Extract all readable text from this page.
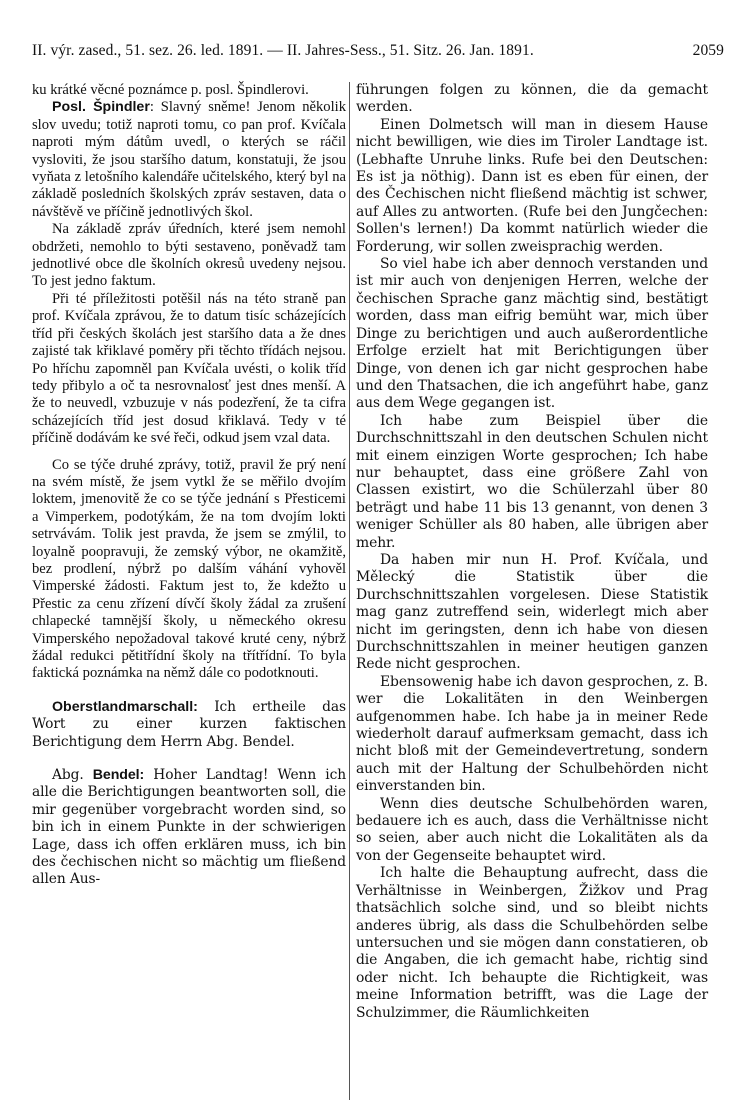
II. výr. zased., 51. sez. 26. led. 1891. — II. Jahres-Sess., 51. Sitz. 26. Jan. 1891.	2059

ku krátké věcné poznámce p. posl. Špindlerovi.

Posl. Špindler: Slavný sněme! Jenom několik slov uvedu; totiž naproti tomu, co pan prof. Kvíčala naproti mým dátům uvedl, o kterých se ráčil vysloviti, že jsou staršího datum, konstatuji, že jsou vyňata z letošního kalendáře učitelského, který byl na základě posledních školských zpráv sestaven, data o návštěvě ve příčině jednotlivých škol.

Na základě zpráv úředních, které jsem nemohl obdržeti, nemohlo to býti sestaveno, poněvadž tam jednotlivé obce dle školních okresů uvedeny nejsou. To jest jedno faktum.

Při té příležitosti potěšil nás na této straně pan prof. Kvíčala zprávou, že to datum tisíc scházejících tříd při českých školách jest staršího data a že dnes zajisté tak křiklavé poměry při těchto třídách nejsou. Po hříchu zapomněl pan Kvíčala uvésti, o kolik tříd tedy přibylo a oč ta nesrovnalosť jest dnes menší. A že to neuvedl, vzbuzuje v nás podezření, že ta cifra scházejících tříd jest dosud křiklavá. Tedy v té příčině dodávám ke své řeči, odkud jsem vzal data.

Co se týče druhé zprávy, totiž, pravil že prý není na svém místě, že jsem vytkl že se měřilo dvojím loktem, jmenovitě že co se týče jednání s Přesticemi a Vimperkem, podotýkám, že na tom dvojím lokti setrvávám. Tolik jest pravda, že jsem se zmýlil, to loyalně poopravuji, že zemský výbor, ne okamžitě, bez prodlení, nýbrž po dalším váhání vyhověl Vimperské žádosti. Faktum jest to, že kdežto u Přestic za cenu zřízení dívčí školy žádal za zrušení chlapecké tamnější školy, u německého okresu Vimperského nepožadoval takové kruté ceny, nýbrž žádal redukci pětitřídní školy na třítřídní. To byla faktická poznámka na němž dále co podotknouti.

Oberstlandmarschall: Ich ertheile das Wort zu einer kurzen faktischen Berichtigung dem Herrn Abg. Bendel.

Abg. Bendel: Hoher Landtag! Wenn ich alle die Berichtigungen beantworten soll, die mir gegenüber vorgebracht worden sind, so bin ich in einem Punkte in der schwierigen Lage, dass ich offen erklären muss, ich bin des čechischen nicht so mächtig um fließend allen Aus-

führungen folgen zu können, die da gemacht werden.

Einen Dolmetsch will man in diesem Hause nicht bewilligen, wie dies im Tiroler Landtage ist. (Lebhafte Unruhe links. Rufe bei den Deutschen: Es ist ja nöthig). Dann ist es eben für einen, der des Čechischen nicht fließend mächtig ist schwer, auf Alles zu antworten. (Rufe bei den Jungčechen: Sollen's lernen!) Da kommt natürlich wieder die Forderung, wir sollen zweisprachig werden.

So viel habe ich aber dennoch verstanden und ist mir auch von denjenigen Herren, welche der čechischen Sprache ganz mächtig sind, bestätigt worden, dass man eifrig bemüht war, mich über Dinge zu berichtigen und auch außerordentliche Erfolge erzielt hat mit Berichtigungen über Dinge, von denen ich gar nicht gesprochen habe und den Thatsachen, die ich angeführt habe, ganz aus dem Wege gegangen ist.

Ich habe zum Beispiel über die Durchschnittszahl in den deutschen Schulen nicht mit einem einzigen Worte gesprochen; Ich habe nur behauptet, dass eine größere Zahl von Classen existirt, wo die Schülerzahl über 80 beträgt und habe 11 bis 13 genannt, von denen 3 weniger Schüller als 80 haben, alle übrigen aber mehr.

Da haben mir nun H. Prof. Kvíčala, und Mělecký die Statistik über die Durchschnittszahlen vorgelesen. Diese Statistik mag ganz zutreffend sein, widerlegt mich aber nicht im geringsten, denn ich habe von diesen Durchschnittszahlen in meiner heutigen ganzen Rede nicht gesprochen.

Ebensowenig habe ich davon gesprochen, z. B. wer die Lokalitäten in den Weinbergen aufgenommen habe. Ich habe ja in meiner Rede wiederholt darauf aufmerksam gemacht, dass ich nicht bloß mit der Gemeindevertretung, sondern auch mit der Haltung der Schulbehörden nicht einverstanden bin.

Wenn dies deutsche Schulbehörden waren, bedauere ich es auch, dass die Verhältnisse nicht so seien, aber auch nicht die Lokalitäten als da von der Gegenseite behauptet wird.

Ich halte die Behauptung aufrecht, dass die Verhältnisse in Weinbergen, Žižkov und Prag thatsächlich solche sind, und so bleibt nichts anderes übrig, als dass die Schulbehörden selbe untersuchen und sie mögen dann constatieren, ob die Angaben, die ich gemacht habe, richtig sind oder nicht. Ich behaupte die Richtigkeit, was meine Information betrifft, was die Lage der Schulzimmer, die Räumlichkeiten
